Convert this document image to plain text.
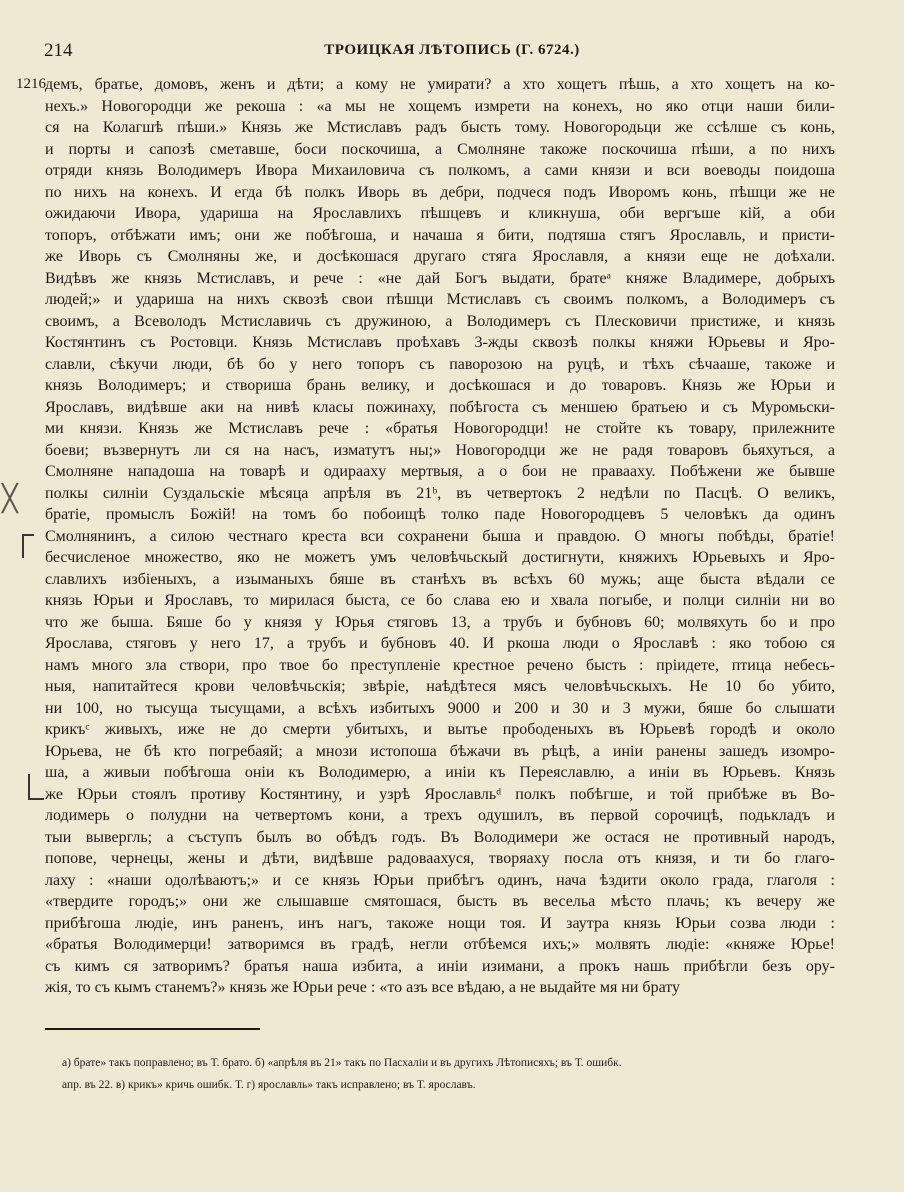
214	ТРОИЦКАЯ ЛѢТОПИСЬ (Г. 6724.)
1216 демъ, братье, домовъ, женъ и дѣти; а кому не умирати? а хто хощетъ пѣшь, а хто хощетъ на ко-
нехъ.» Новогородци же рекоша : «а мы не хощемъ измрети на конехъ, но яко отци наши били-
ся на Колагшѣ пѣши.» Князь же Мстиславъ радъ бысть тому. Новогородьци же ссѣлше съ конь,
и порты и сапозѣ сметавше, боси поскочиша, а Смолняне такоже поскочиша пѣши, а по нихъ
отряди князь Володимеръ Ивора Михаиловича съ полкомъ, а сами князи и вси воеводы поидоша
по нихъ на конехъ. И егда бѣ полкъ Иворь въ дебри, подчеся подъ Иворомъ конь, пѣшци же не
ожидаючи Ивора, удариша на Ярославлихъ пѣшцевъ и кликнуша, оби вергъше кій, а оби
топоръ, отбѣжати имъ; они же побѣгоша, и начаша я бити, подтяша стягъ Ярославль, и присти-
же Иворь съ Смолняны же, и досѣкошася другаго стяга Ярославля, а князи еще не доѣхали.
Видѣвъ же князь Мстиславъ, и рече : «не дай Богъ выдати, братеᵃ княже Владимере, добрыхъ
людей;» и удариша на нихъ сквозѣ свои пѣшци Мстиславъ съ своимъ полкомъ, а Володимеръ съ
своимъ, а Всеволодъ Мстиславичь съ дружиною, а Володимеръ съ Плесковичи пристиже, и князь
Костянтинъ съ Ростовци. Князь Мстиславъ проѣхавъ 3-жды сквозѣ полкы княжи Юрьевы и Яро-
славли, сѣкучи люди, бѣ бо у него топоръ съ паворозою на руцѣ, и тѣхъ сѣчааше, такоже и
князь Володимеръ; и створиша брань велику, и досѣкошася и до товаровъ. Князь же Юрьи и
Ярославъ, видѣвше аки на нивѣ класы пожинаху, побѣгоста съ меншею братьею и съ Муромьски-
ми князи. Князь же Мстиславъ рече : «братья Новогородци! не стойте къ товару, прилежните
боеви; възвернутъ ли ся на насъ, изматутъ ны;» Новогородци же не радя товаровъ бьяхуться, а
Смолняне нападоша на товарѣ и одираахy мертвыя, а о бои не праваaxу. Побѣжени же бывше
полкы силніи Суздальскіе мѣсяца апрѣля въ 21ᵇ, въ четвертокъ 2 недѣли по Пасцѣ. О великъ,
братіе, промыслъ Божій! на томъ бо побоищѣ толко паде Новогородцевъ 5 человѣкъ да одинъ
Смолнянинъ, а силою честнаго креста вси сохранени быша и правдою. О многы побѣды, братіе!
бесчисленое множество, яко не можетъ умъ человѣчьскый достигнути, княжихъ Юрьевыхъ и Яро-
славлихъ избіеныхъ, а изыманыхъ бяше въ станѣхъ въ всѣхъ 60 мужь; аще быста вѣдали се
князь Юрьи и Ярославъ, то мирилася быста, се бо слава ею и хвала погыбе, и полци силніи ни во
что же быша. Бяше бо у князя у Юрья стяговъ 13, а трубъ и бубновъ 60; молвяхуть бо и про
Ярослава, стяговъ у него 17, а трубъ и бубновъ 40. И ркоша люди о Ярославѣ : яко тобою ся
намъ много зла створи, про твое бо преступленіе крестное речено бысть : пріидете, птица небесь-
ныя, напитайтеся крови человѣчьскія; звѣріе, наѣдѣтеся мясъ человѣчьскыхъ. Не 10 бо убито,
ни 100, но тысуща тысущами, а всѣхъ избитыхъ 9000 и 200 и 30 и 3 мужи, бяше бо слышати
крикъᶜ живыхъ, иже не до смерти убитыхъ, и вытье прободеныхъ въ Юрьевѣ городѣ и около
Юрьева, не бѣ кто погребаяй; а мнози истопоша бѣжачи въ рѣцѣ, а инiи ранены зашедъ изомро-
ша, а живыи побѣгоша оніи къ Володимерю, а иніи къ Переяславлю, а иніи въ Юрьевъ. Князь
же Юрьи стоялъ противу Костянтину, и узрѣ Ярославльᵈ полкъ побѣгше, и той прибѣже въ Во-
лодимерь о полудни на четвертомъ кони, а трехъ одушилъ, въ первой сорочицѣ, подькладъ и
тыи вывергль; а съступъ былъ во обѣдъ годъ. Въ Володимери же остася не противный народъ,
попове, чернецы, жены и дѣти, видѣвше радоваахуся, творяахy посла отъ князя, и ти бо глаго-
лаху : «наши одолѣваютъ;» и се князь Юрьи прибѣгъ одинъ, нача ѣздити около града, глаголя :
«твердите городъ;» они же слышавше смятошася, бысть въ весельа мѣсто плачь; къ вечеру же
прибѣгоша людіе, инъ раненъ, инъ нагъ, такоже нощи тоя. И заутра князь Юрьи созва люди :
«братья Володимерци! затворимся въ градѣ, негли отбѣемся ихъ;» молвять людіе: «княже Юрье!
съ кимъ ся затворимъ? братья наша избита, а иніи изимани, а прокъ нашь прибѣгли безъ ору-
жія, то съ кымъ станемъ?» князь же Юрьи рече : «то азъ все вѣдаю, а не выдайте мя ни брату
╳
а) брате» такъ поправлено; въ Т. брато. б) «апрѣля въ 21» такъ по Пасхаліи и въ другихъ Лѣтописяхъ; въ Т. ошибк.
апр. въ 22. в) крикъ» кричь ошибк. Т. г) ярославль» такъ исправлено; въ Т. ярославъ.
